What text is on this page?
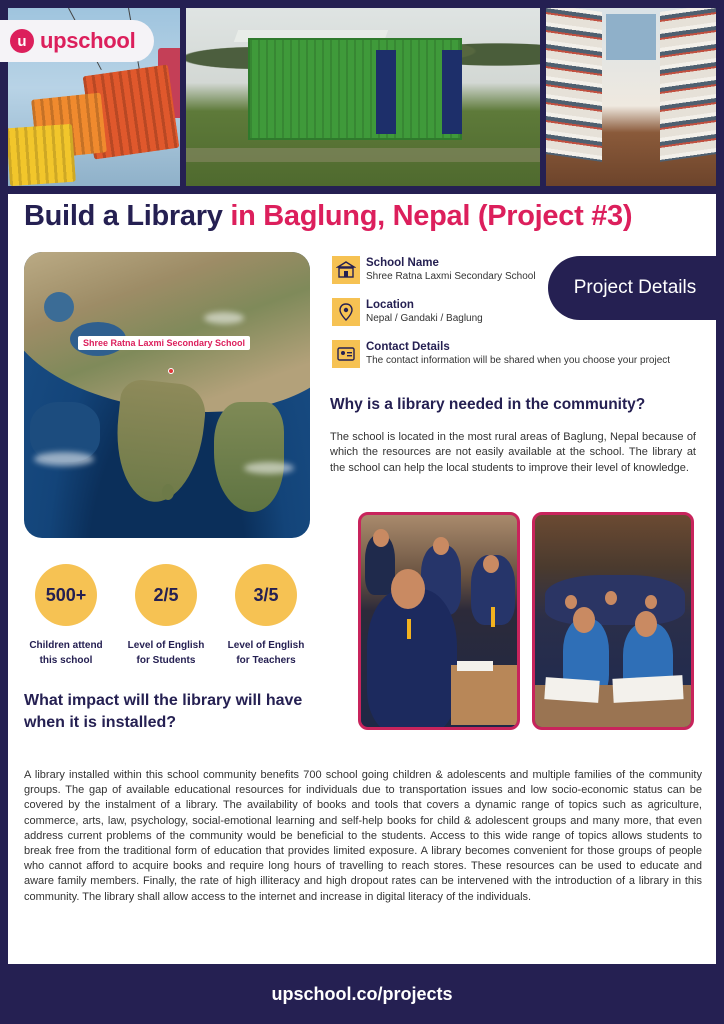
u upschool
Build a Library in Baglung, Nepal (Project #3)
Shree Ratna Laxmi Secondary School
School Name
Shree Ratna Laxmi Secondary School
Location
Nepal / Gandaki / Baglung
Contact Details
The contact information will be shared when you choose your project
Why is a library needed in the community?
The school is located in the most rural areas of Baglung, Nepal because of which the resources are not easily available at the school. The library at the school can help the local students to improve their level of knowledge.
500+
Children attend
this school
2/5
Level of English
for Students
3/5
Level of English
for Teachers
What impact will the library will have when it is installed?
A library installed within this school community benefits 700 school going children & adolescents and multiple families of the community groups. The gap of available educational resources for individuals due to transportation issues and low socio-economic status can be covered by the instalment of a library. The availability of books and tools that covers a dynamic range of topics such as agriculture, commerce, arts, law, psychology, social-emotional learning and self-help books for child & adolescent groups and many more, that even address current problems of the community would be beneficial to the students. Access to this wide range of topics allows students to break free from the traditional form of education that provides limited exposure. A library becomes convenient for those groups of people who cannot afford to acquire books and require long hours of travelling to reach stores. These resources can be used to educate and aware family members. Finally, the rate of high illiteracy and high dropout rates can be intervened with the introduction of a library in this community. The library shall allow access to the internet and increase in digital literacy of the individuals.
Project Details
upschool.co/projects
